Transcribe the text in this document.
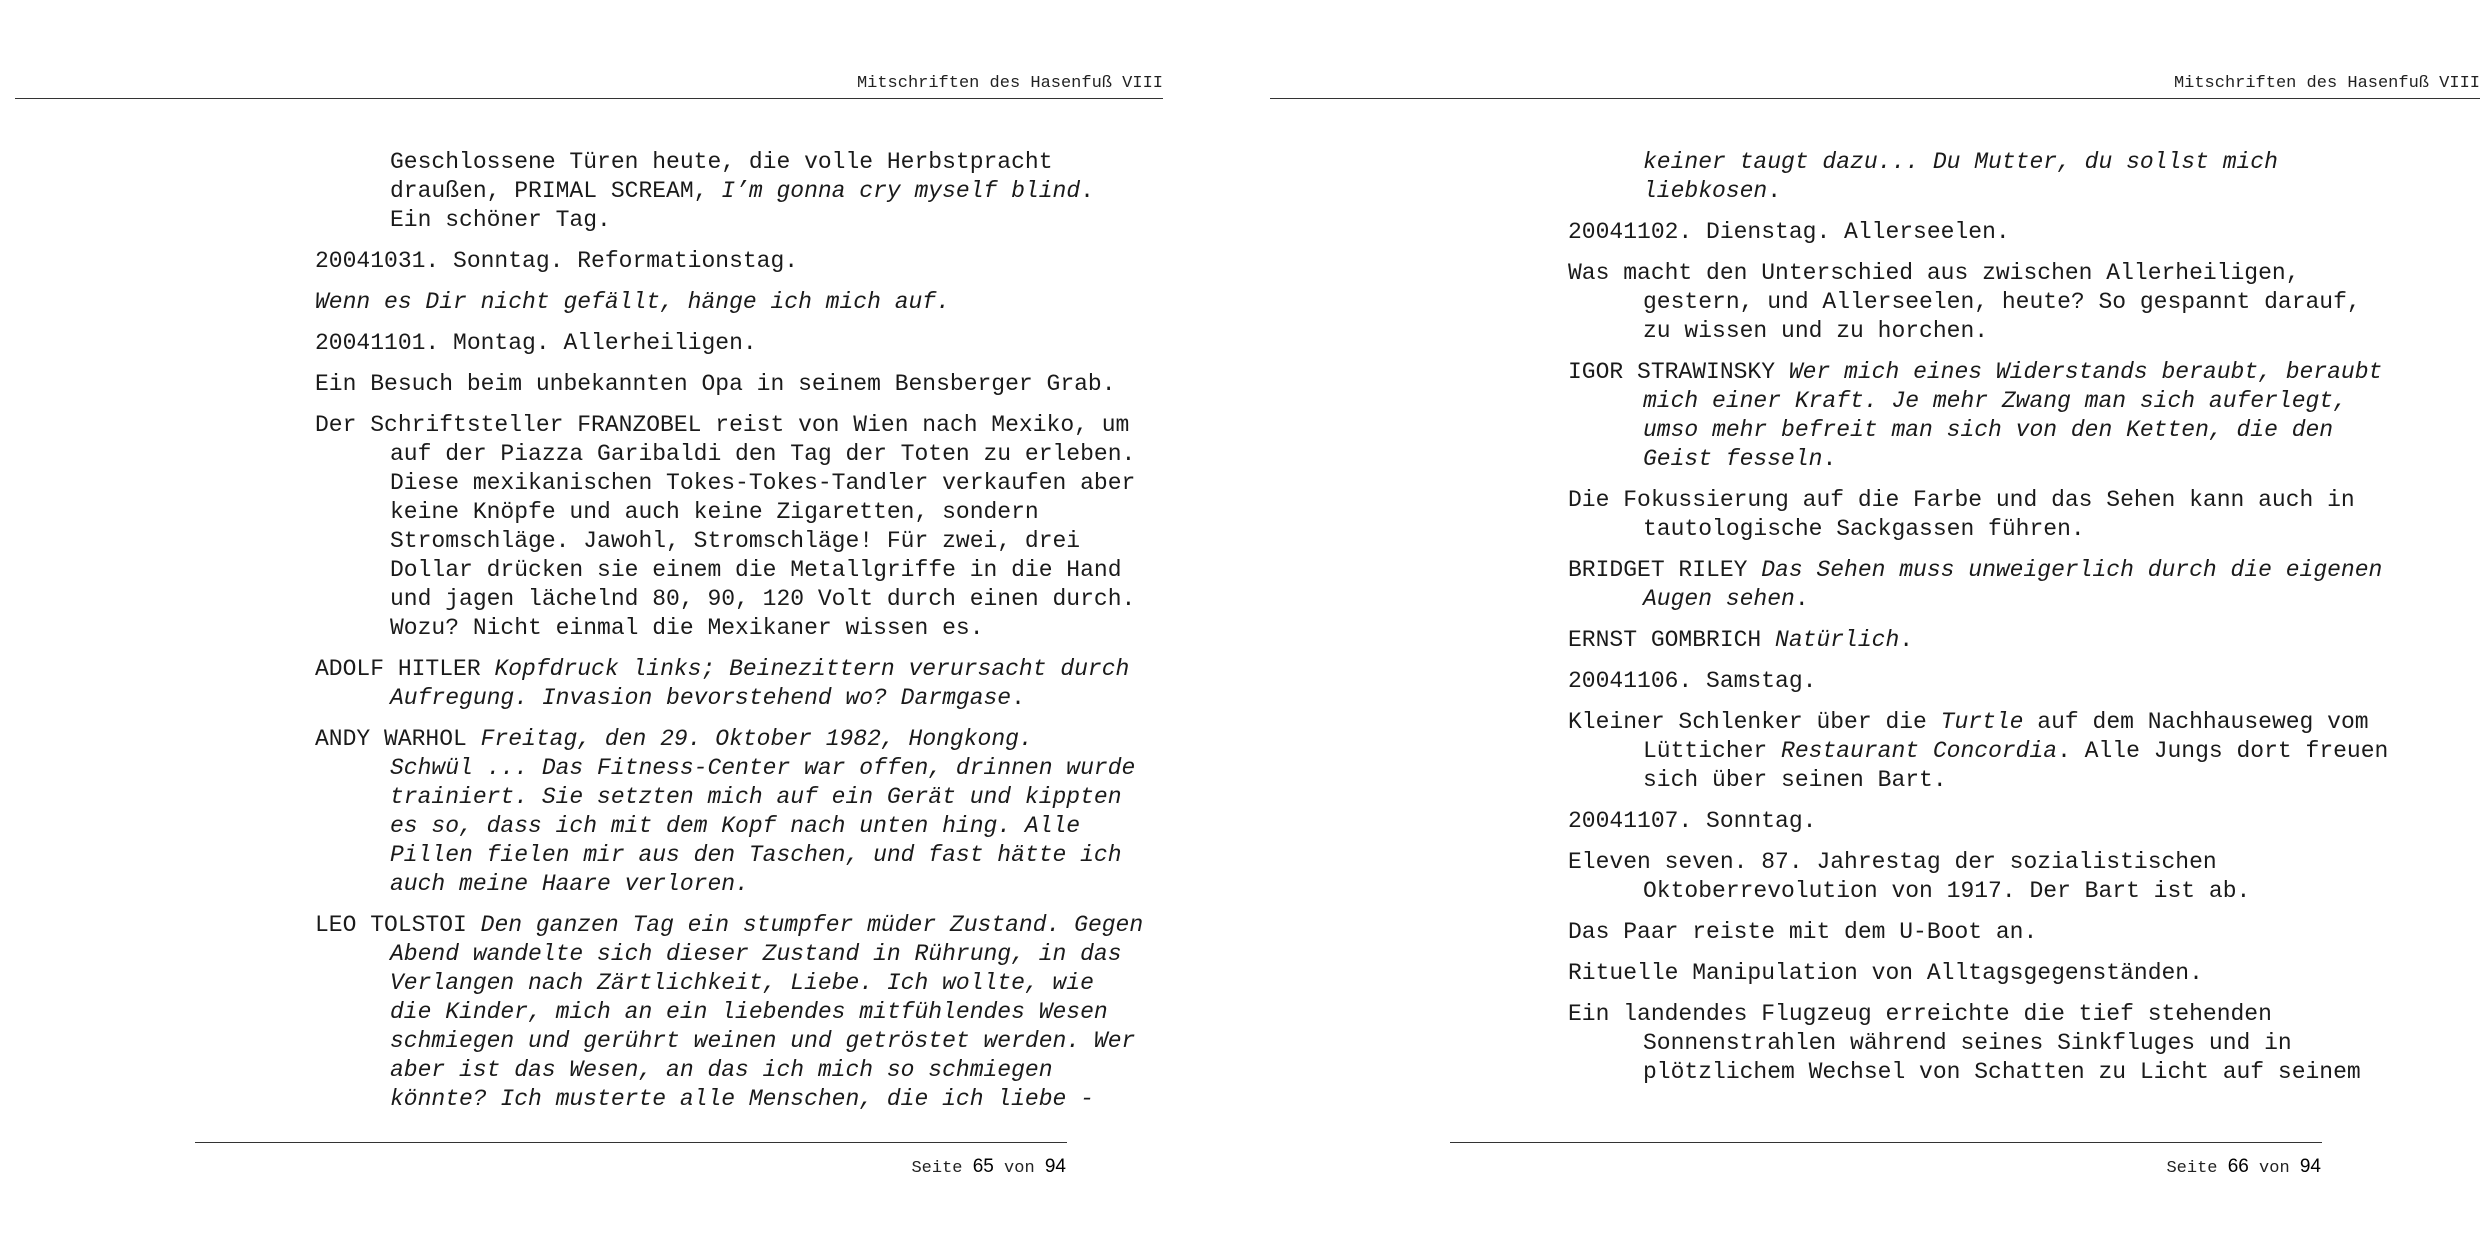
Mitschriften des Hasenfuß VIII

Geschlossene Türen heute, die volle Herbstpracht
draußen, PRIMAL SCREAM, I’m gonna cry myself blind.
Ein schöner Tag.

20041031. Sonntag. Reformationstag.

Wenn es Dir nicht gefällt, hänge ich mich auf.

20041101. Montag. Allerheiligen.

Ein Besuch beim unbekannten Opa in seinem Bensberger Grab.

Der Schriftsteller FRANZOBEL reist von Wien nach Mexiko, um
auf der Piazza Garibaldi den Tag der Toten zu erleben.
Diese mexikanischen Tokes-Tokes-Tandler verkaufen aber
keine Knöpfe und auch keine Zigaretten, sondern
Stromschläge. Jawohl, Stromschläge! Für zwei, drei
Dollar drücken sie einem die Metallgriffe in die Hand
und jagen lächelnd 80, 90, 120 Volt durch einen durch.
Wozu? Nicht einmal die Mexikaner wissen es.

ADOLF HITLER Kopfdruck links; Beinezittern verursacht durch
Aufregung. Invasion bevorstehend wo? Darmgase.

ANDY WARHOL Freitag, den 29. Oktober 1982, Hongkong.
Schwül ... Das Fitness-Center war offen, drinnen wurde
trainiert. Sie setzten mich auf ein Gerät und kippten
es so, dass ich mit dem Kopf nach unten hing. Alle
Pillen fielen mir aus den Taschen, und fast hätte ich
auch meine Haare verloren.

LEO TOLSTOI Den ganzen Tag ein stumpfer müder Zustand. Gegen
Abend wandelte sich dieser Zustand in Rührung, in das
Verlangen nach Zärtlichkeit, Liebe. Ich wollte, wie
die Kinder, mich an ein liebendes mitfühlendes Wesen
schmiegen und gerührt weinen und getröstet werden. Wer
aber ist das Wesen, an das ich mich so schmiegen
könnte? Ich musterte alle Menschen, die ich liebe -

Seite 65 von 94
Mitschriften des Hasenfuß VIII

keiner taugt dazu... Du Mutter, du sollst mich
liebkosen.

20041102. Dienstag. Allerseelen.

Was macht den Unterschied aus zwischen Allerheiligen,
gestern, und Allerseelen, heute? So gespannt darauf,
zu wissen und zu horchen.

IGOR STRAWINSKY Wer mich eines Widerstands beraubt, beraubt
mich einer Kraft. Je mehr Zwang man sich auferlegt,
umso mehr befreit man sich von den Ketten, die den
Geist fesseln.

Die Fokussierung auf die Farbe und das Sehen kann auch in
tautologische Sackgassen führen.

BRIDGET RILEY Das Sehen muss unweigerlich durch die eigenen
Augen sehen.

ERNST GOMBRICH Natürlich.

20041106. Samstag.

Kleiner Schlenker über die Turtle auf dem Nachhauseweg vom
Lütticher Restaurant Concordia. Alle Jungs dort freuen
sich über seinen Bart.

20041107. Sonntag.

Eleven seven. 87. Jahrestag der sozialistischen
Oktoberrevolution von 1917. Der Bart ist ab.

Das Paar reiste mit dem U-Boot an.

Rituelle Manipulation von Alltagsgegenständen.

Ein landendes Flugzeug erreichte die tief stehenden
Sonnenstrahlen während seines Sinkfluges und in
plötzlichem Wechsel von Schatten zu Licht auf seinem

Seite 66 von 94
